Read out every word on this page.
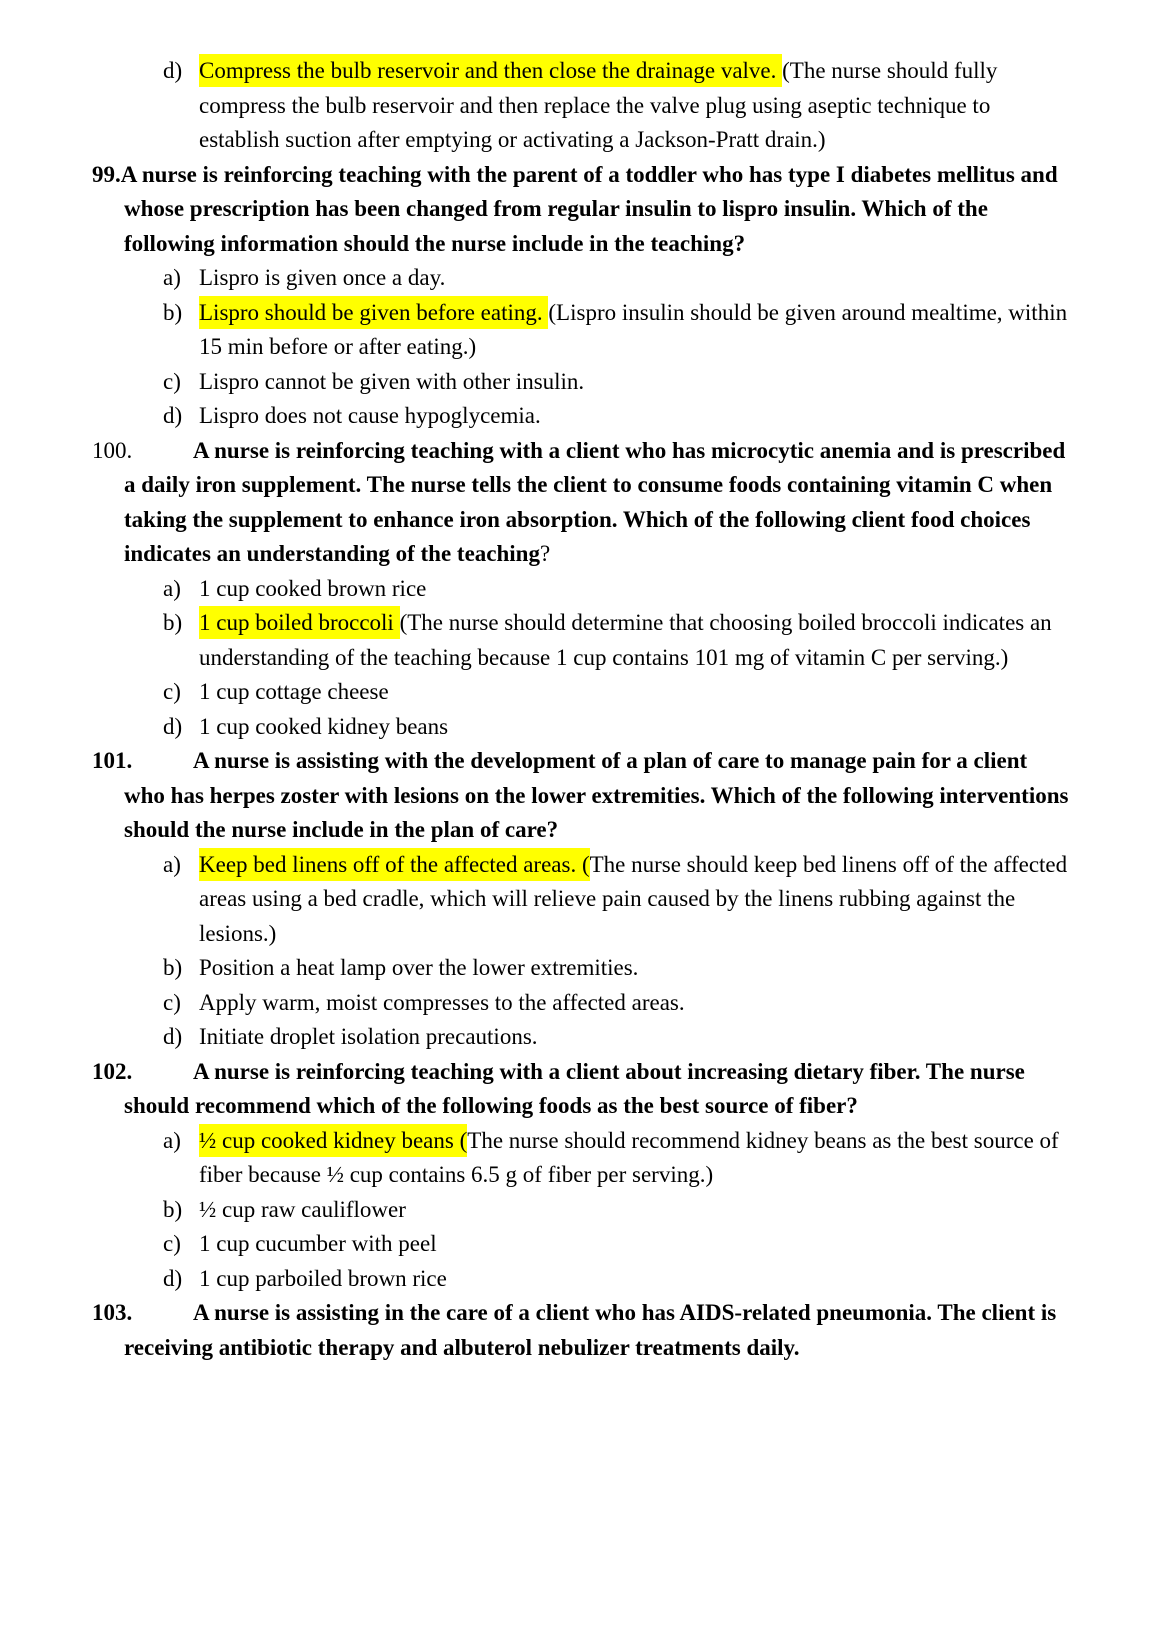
d) Compress the bulb reservoir and then close the drainage valve. (The nurse should fully compress the bulb reservoir and then replace the valve plug using aseptic technique to establish suction after emptying or activating a Jackson-Pratt drain.)
99.A nurse is reinforcing teaching with the parent of a toddler who has type I diabetes mellitus and whose prescription has been changed from regular insulin to lispro insulin. Which of the following information should the nurse include in the teaching?
a) Lispro is given once a day.
b) Lispro should be given before eating. (Lispro insulin should be given around mealtime, within 15 min before or after eating.)
c) Lispro cannot be given with other insulin.
d) Lispro does not cause hypoglycemia.
100.	A nurse is reinforcing teaching with a client who has microcytic anemia and is prescribed a daily iron supplement. The nurse tells the client to consume foods containing vitamin C when taking the supplement to enhance iron absorption. Which of the following client food choices indicates an understanding of the teaching?
a) 1 cup cooked brown rice
b) 1 cup boiled broccoli (The nurse should determine that choosing boiled broccoli indicates an understanding of the teaching because 1 cup contains 101 mg of vitamin C per serving.)
c) 1 cup cottage cheese
d) 1 cup cooked kidney beans
101.	A nurse is assisting with the development of a plan of care to manage pain for a client who has herpes zoster with lesions on the lower extremities. Which of the following interventions should the nurse include in the plan of care?
a) Keep bed linens off of the affected areas. (The nurse should keep bed linens off of the affected areas using a bed cradle, which will relieve pain caused by the linens rubbing against the lesions.)
b) Position a heat lamp over the lower extremities.
c) Apply warm, moist compresses to the affected areas.
d) Initiate droplet isolation precautions.
102.	A nurse is reinforcing teaching with a client about increasing dietary fiber. The nurse should recommend which of the following foods as the best source of fiber?
a) ½ cup cooked kidney beans (The nurse should recommend kidney beans as the best source of fiber because ½ cup contains 6.5 g of fiber per serving.)
b) ½ cup raw cauliflower
c) 1 cup cucumber with peel
d) 1 cup parboiled brown rice
103.	A nurse is assisting in the care of a client who has AIDS-related pneumonia. The client is receiving antibiotic therapy and albuterol nebulizer treatments daily.
